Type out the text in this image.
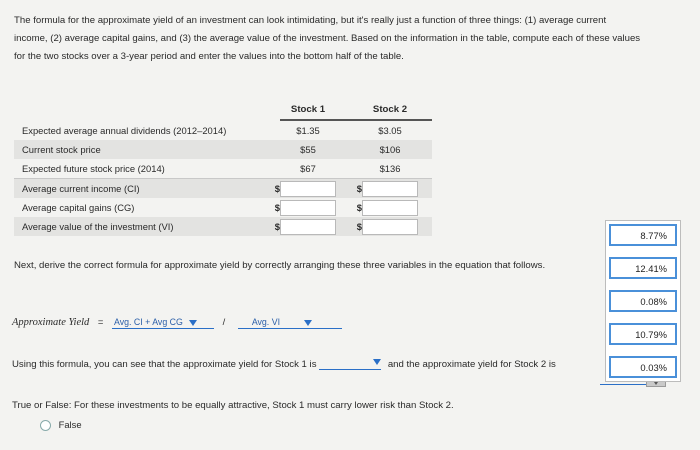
The formula for the approximate yield of an investment can look intimidating, but it's really just a function of three things: (1) average current
income, (2) average capital gains, and (3) the average value of the investment. Based on the information in the table, compute each of these values
for the two stocks over a 3-year period and enter the values into the bottom half of the table.
		Stock 1		Stock 2	
Expected average annual dividends (2012–2014)		$1.35		$3.05	
Current stock price		$55		$106	
Expected future stock price (2014)		$67		$136	
Average current income (CI)	$		$		
Average capital gains (CG)	$		$		
Average value of the investment (VI)	$		$		
Next, derive the correct formula for approximate yield by correctly arranging these three variables in the equation that follows.
Approximate Yield = Avg. CI + Avg CG	/	Avg. VI
Using this formula, you can see that the approximate yield for Stock 1 is	and the approximate yield for Stock 2 is
True or False: For these investments to be equally attractive, Stock 1 must carry lower risk than Stock 2.
False
8.77%
12.41%
0.08%
10.79%
0.03%
